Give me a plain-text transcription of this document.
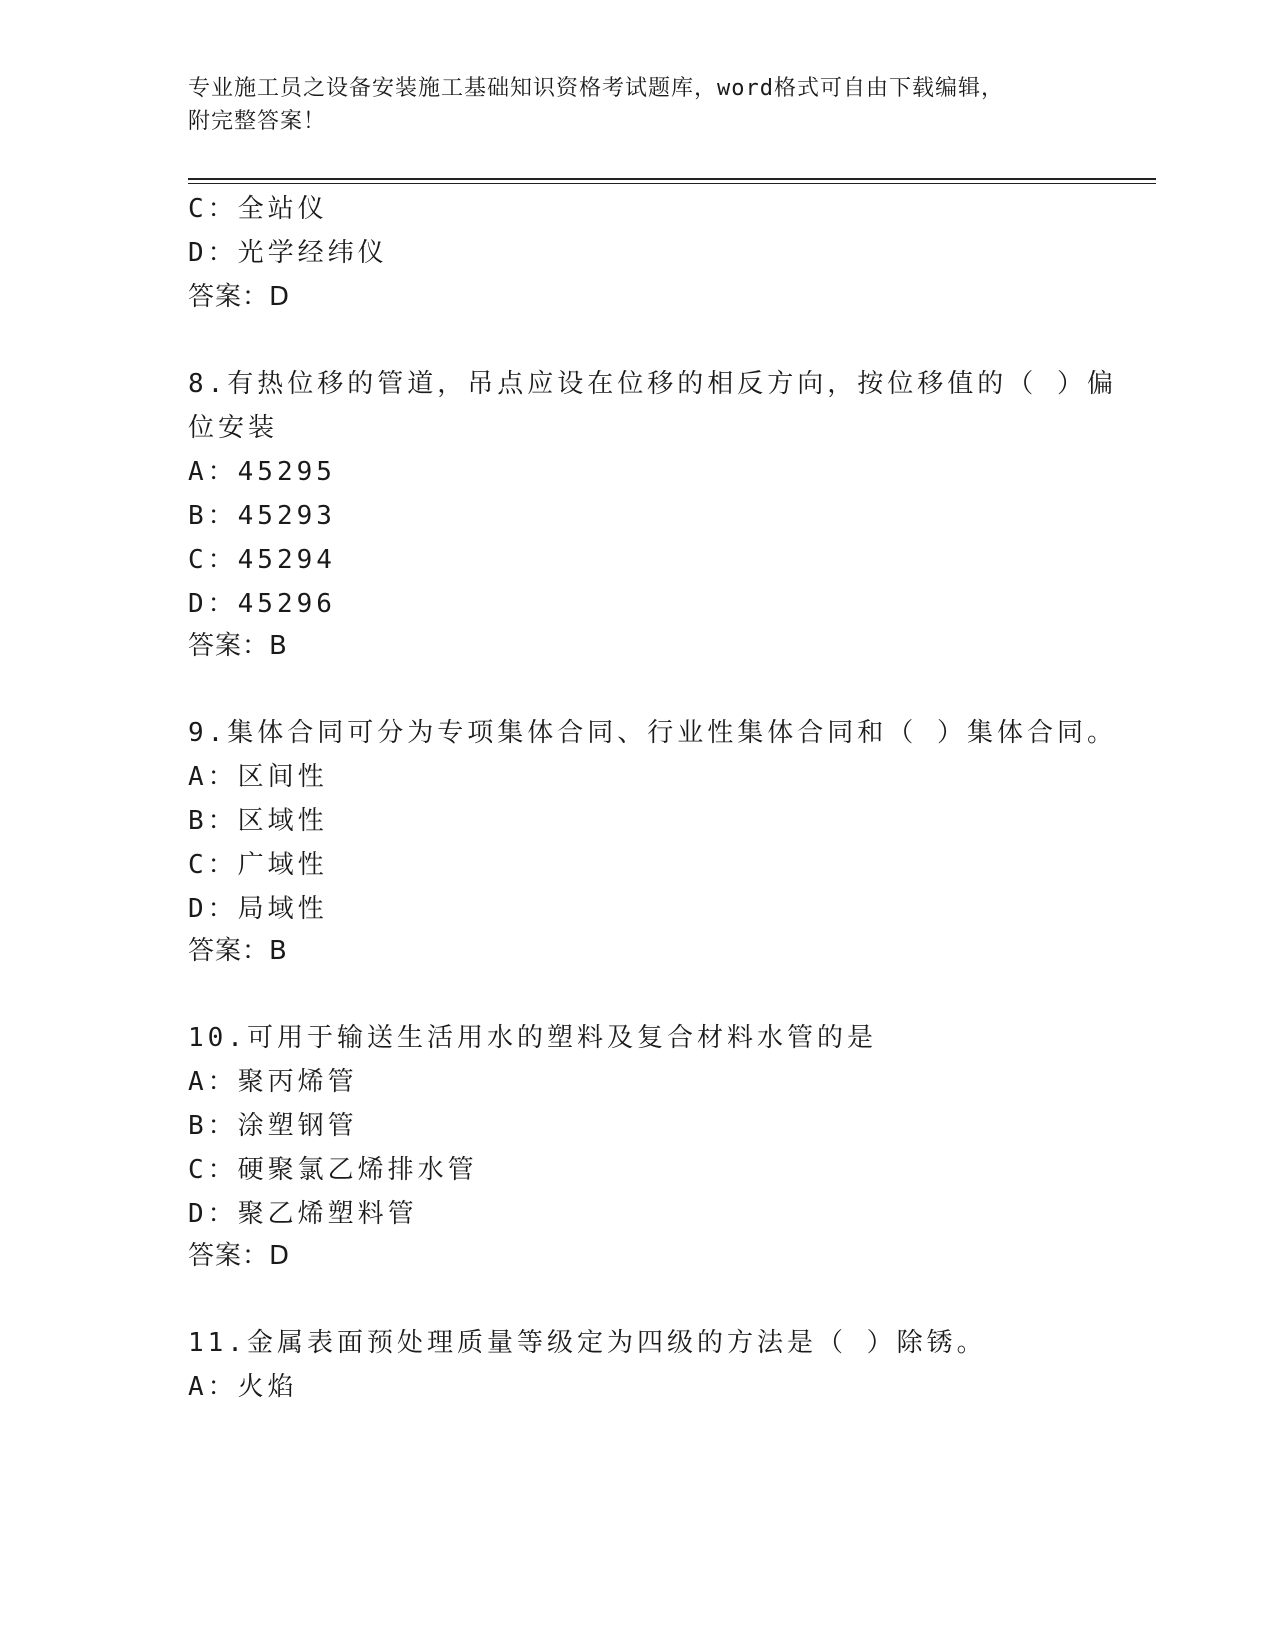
专业施工员之设备安装施工基础知识资格考试题库，word格式可自由下载编辑，
附完整答案！
C：全站仪
D：光学经纬仪
答案：D
8.有热位移的管道，吊点应设在位移的相反方向，按位移值的（ ）偏
位安装
A：45295
B：45293
C：45294
D：45296
答案：B
9.集体合同可分为专项集体合同、行业性集体合同和（ ）集体合同。
A：区间性
B：区域性
C：广域性
D：局域性
答案：B
10.可用于输送生活用水的塑料及复合材料水管的是
A：聚丙烯管
B：涂塑钢管
C：硬聚氯乙烯排水管
D：聚乙烯塑料管
答案：D
11.金属表面预处理质量等级定为四级的方法是（ ）除锈。
A：火焰
